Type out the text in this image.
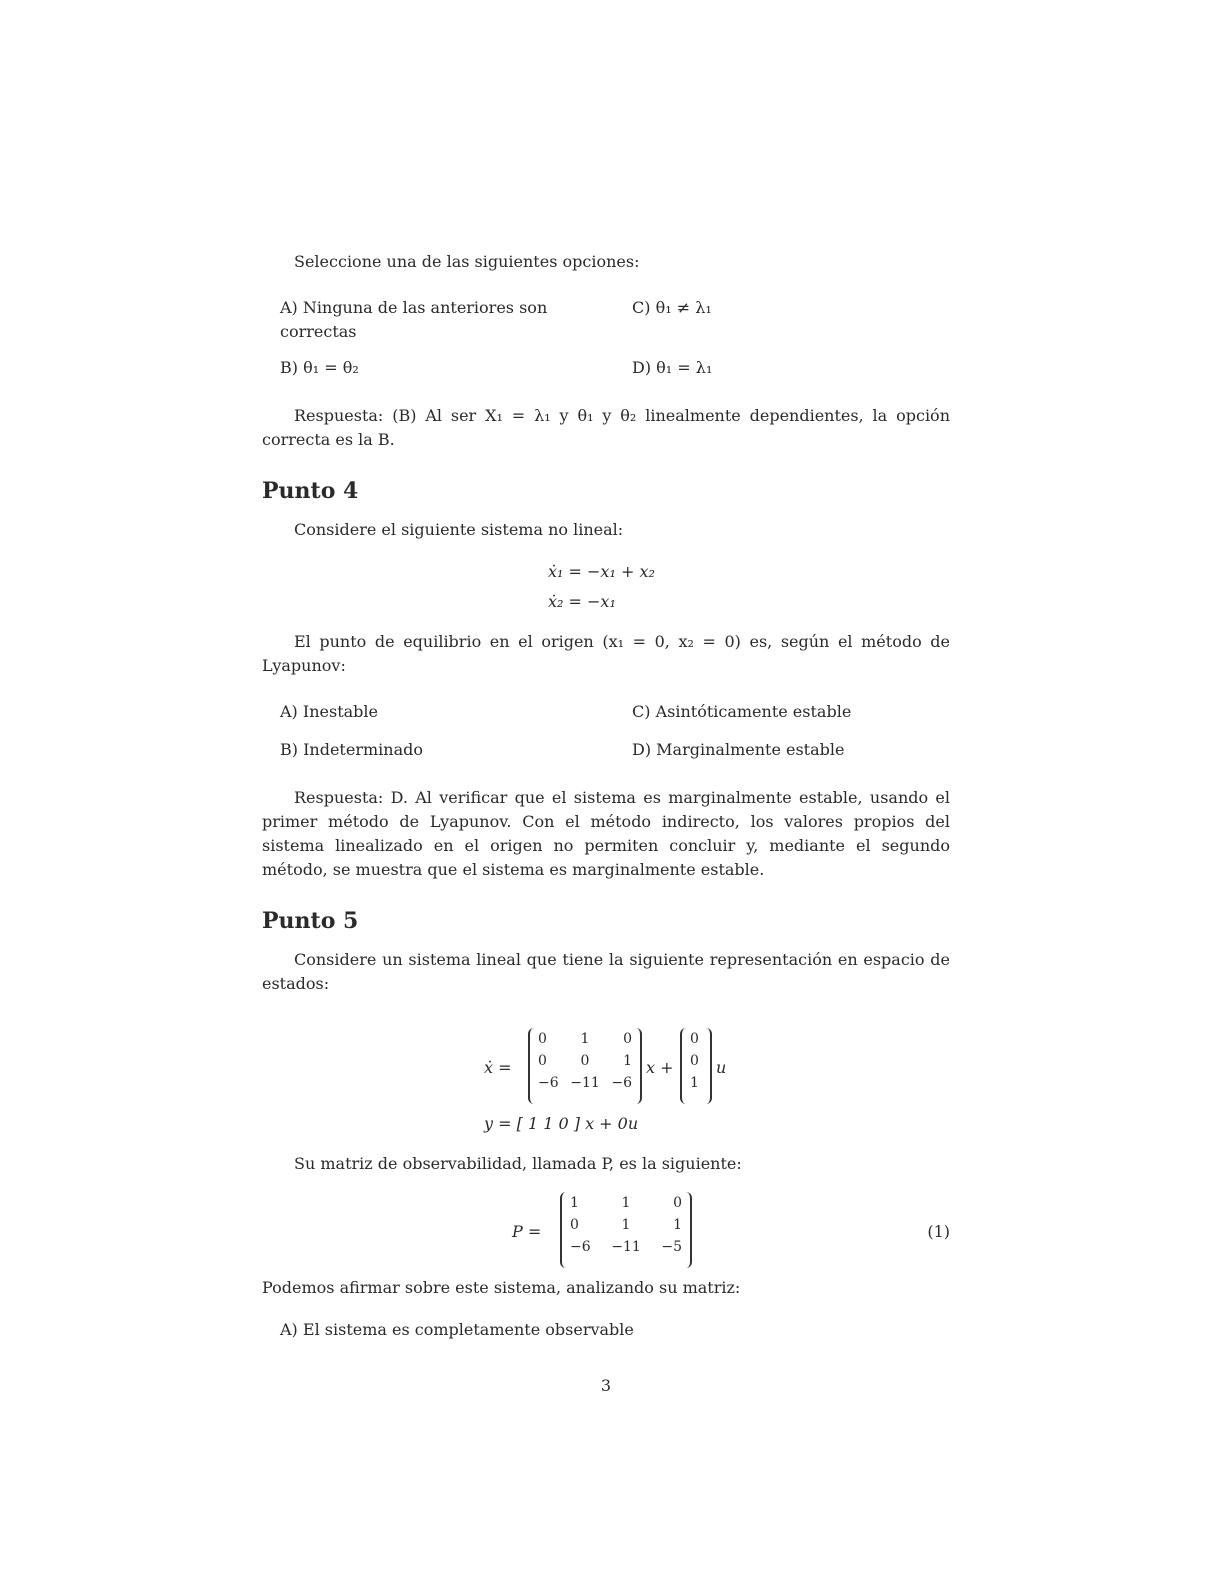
Seleccione una de las siguientes opciones:
A) Ninguna de las anteriores son correctas
C) θ₁ ≠ λ₁
B) θ₁ = θ₂	D) θ₁ = λ₁
Respuesta: (B) Al ser X₁ = λ₁ y θ₁ y θ₂ linealmente dependientes, la opción correcta es la B.
Punto 4
Considere el siguiente sistema no lineal:
ẋ₁ = −x₁ + x₂
ẋ₂ = −x₁
El punto de equilibrio en el origen (x₁ = 0, x₂ = 0) es, según el método de Lyapunov:
A) Inestable	C) Asintóticamente estable
B) Indeterminado	D) Marginalmente estable
Respuesta: D. Al verificar que el sistema es marginalmente estable, usando el primer método de Lyapunov. Con el método indirecto, los valores propios del sistema linealizado en el origen no permiten concluir y, mediante el segundo método, se muestra que el sistema es marginalmente estable.
Punto 5
Considere un sistema lineal que tiene la siguiente representación en espacio de estados:
ẋ =
0 1 0
0 0 1
−6 −11 −6
x +
0
0
1
u
y = [ 1 1 0 ] x + 0u
Su matriz de observabilidad, llamada P, es la siguiente:
P =
1	1	0
0	1	1
−6 −11 −5
(1)
Podemos afirmar sobre este sistema, analizando su matriz:
A) El sistema es completamente observable
3
